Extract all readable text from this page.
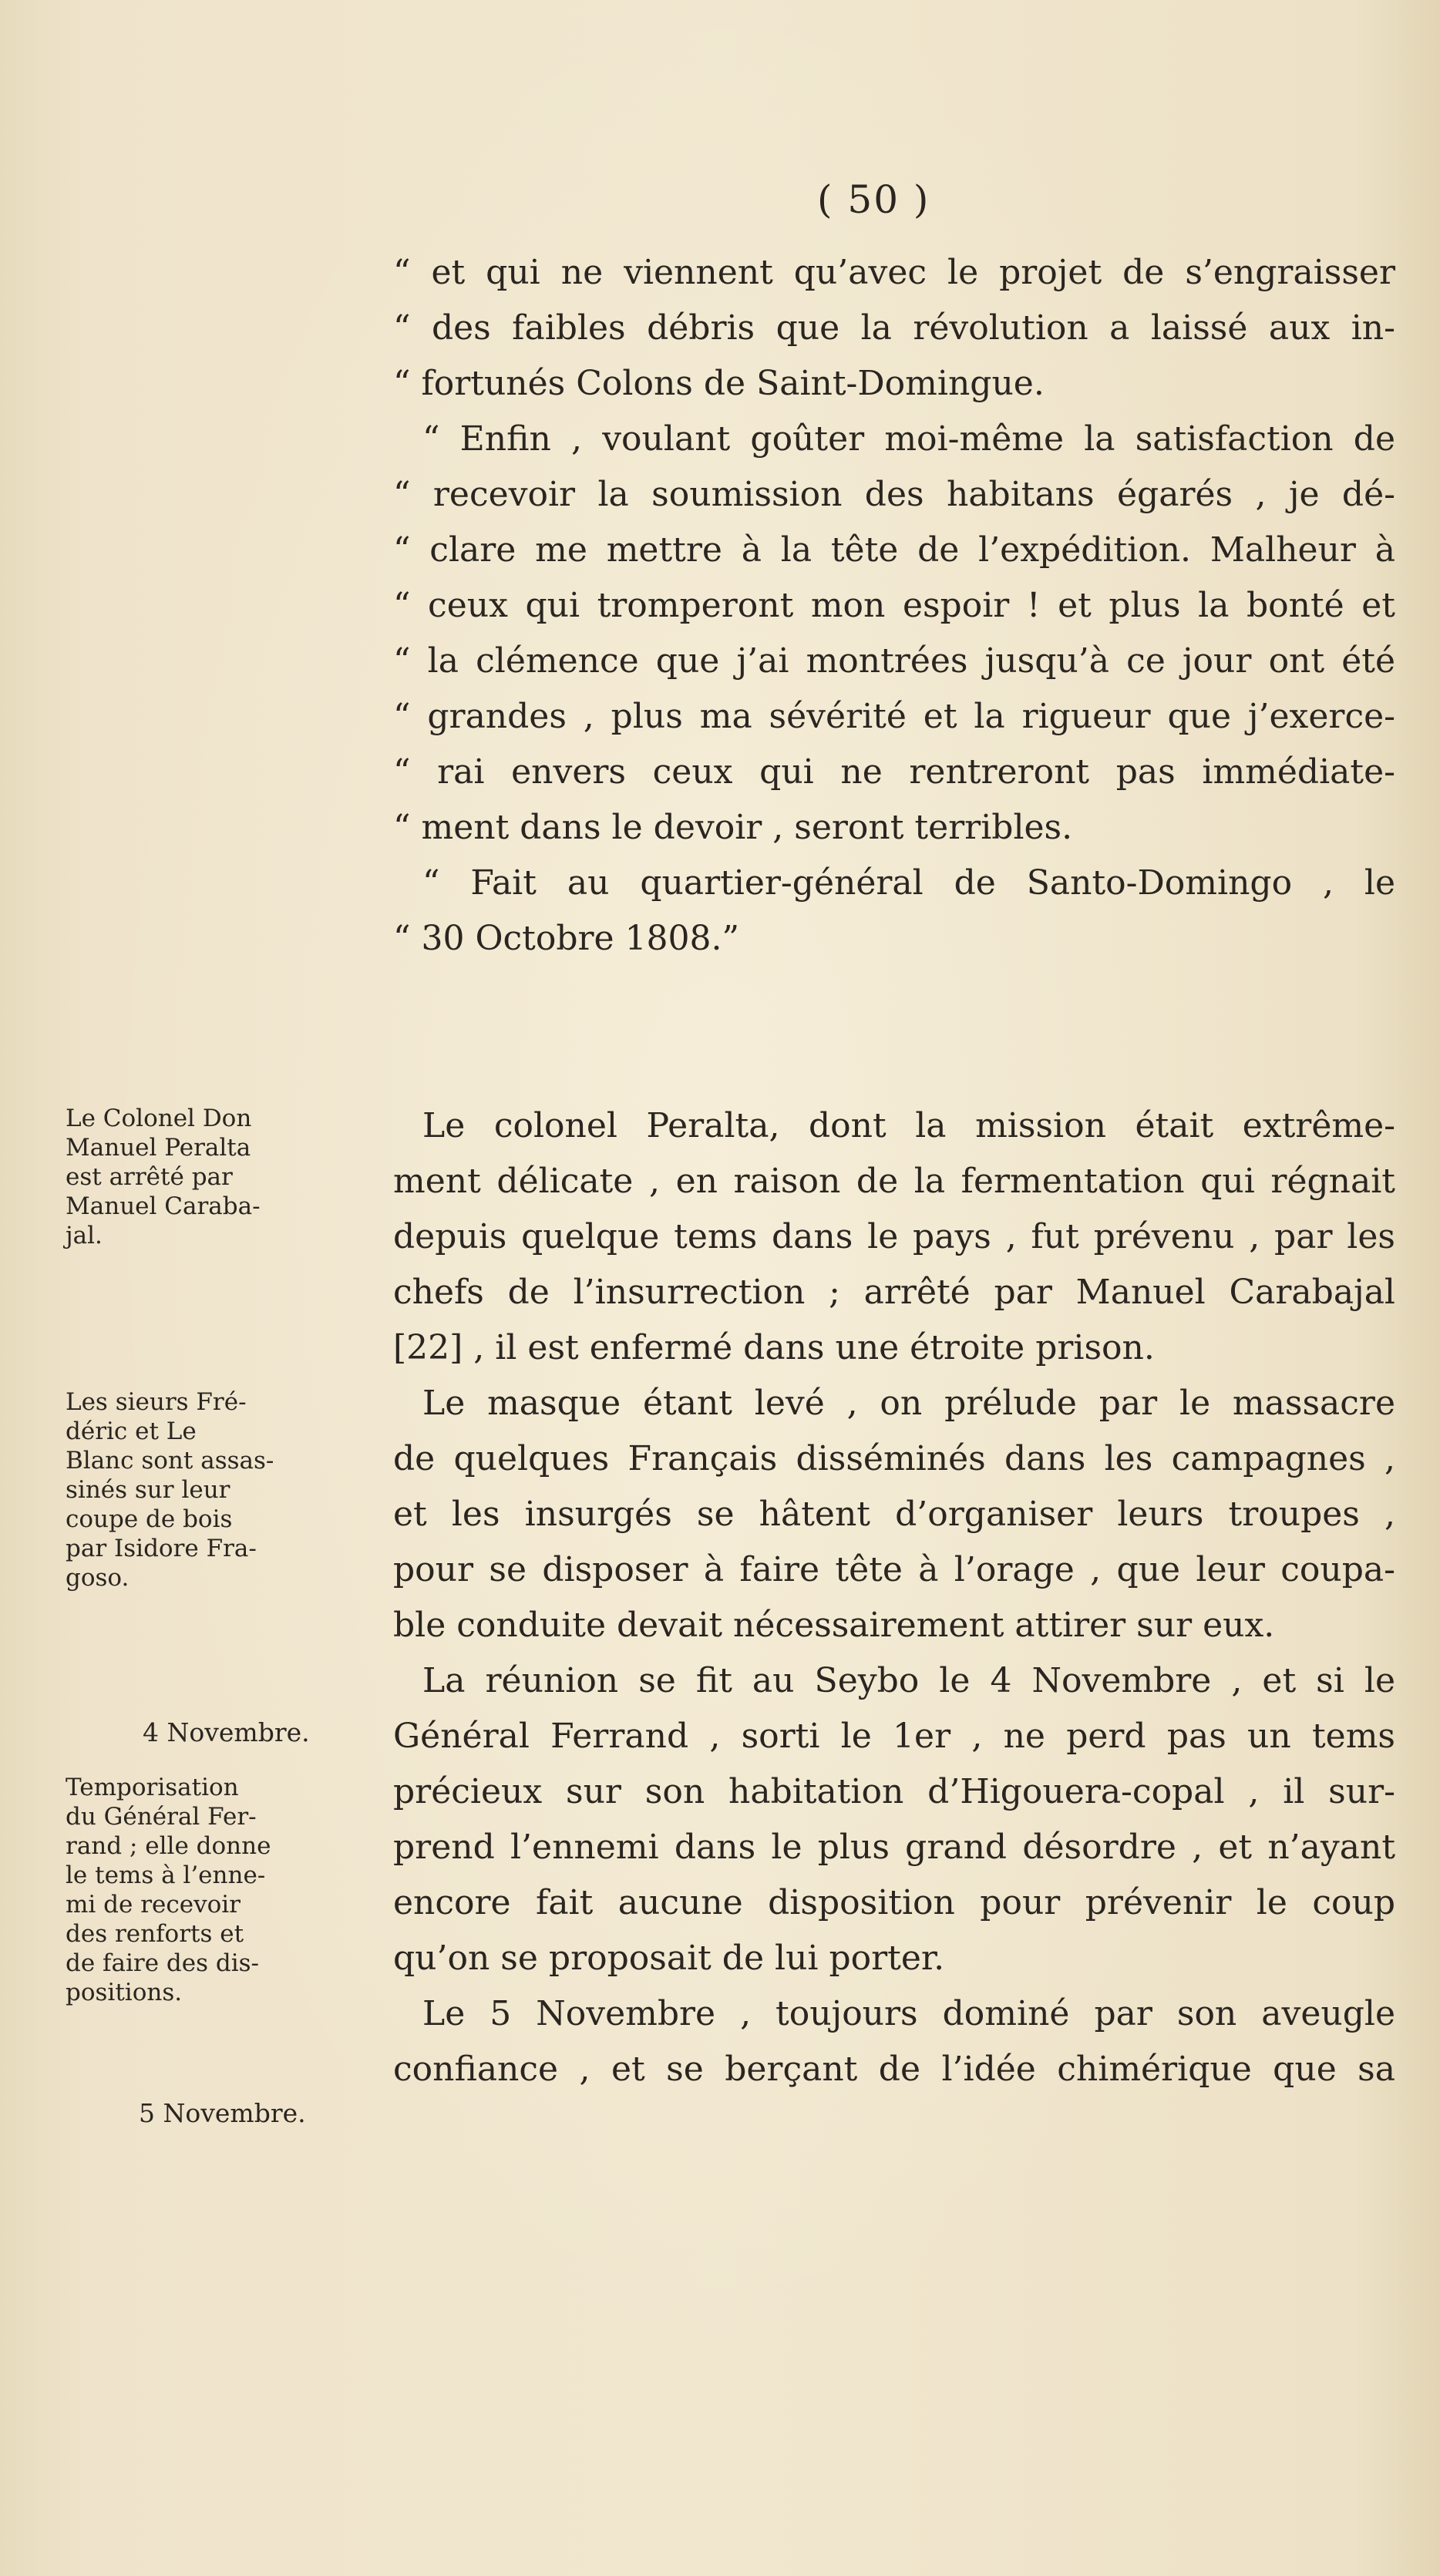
( 50 )
“ et qui ne viennent qu’avec le projet de s’engraisser
“ des faibles débris que la révolution a laissé aux in-
“ fortunés Colons de Saint-Domingue.
“ Enfin , voulant goûter moi-même la satisfaction de
“ recevoir la soumission des habitans égarés , je dé-
“ clare me mettre à la tête de l’expédition. Malheur à
“ ceux qui tromperont mon espoir ! et plus la bonté et
“ la clémence que j’ai montrées jusqu’à ce jour ont été
“ grandes , plus ma sévérité et la rigueur que j’exerce-
“ rai envers ceux qui ne rentreront pas immédiate-
“ ment dans le devoir , seront terribles.
“ Fait au quartier-général de Santo-Domingo , le
“ 30 Octobre 1808.”
Le colonel Peralta, dont la mission était extrême-
ment délicate , en raison de la fermentation qui régnait
depuis quelque tems dans le pays , fut prévenu , par les
chefs de l’insurrection ; arrêté par Manuel Carabajal
[22] , il est enfermé dans une étroite prison.
Le masque étant levé , on prélude par le massacre
de quelques Français disséminés dans les campagnes ,
et les insurgés se hâtent d’organiser leurs troupes ,
pour se disposer à faire tête à l’orage , que leur coupa-
ble conduite devait nécessairement attirer sur eux.
La réunion se fit au Seybo le 4 Novembre , et si le
Général Ferrand , sorti le 1er , ne perd pas un tems
précieux sur son habitation d’Higouera-copal , il sur-
prend l’ennemi dans le plus grand désordre , et n’ayant
encore fait aucune disposition pour prévenir le coup
qu’on se proposait de lui porter.
Le 5 Novembre , toujours dominé par son aveugle
confiance , et se berçant de l’idée chimérique que sa
Le Colonel Don
Manuel Peralta
est arrêté par
Manuel Caraba-
jal.
Les sieurs Fré-
déric et Le
Blanc sont assas-
sinés sur leur
coupe de bois
par Isidore Fra-
goso.
4 Novembre.
Temporisation
du Général Fer-
rand ; elle donne
le tems à l’enne-
mi de recevoir
des renforts et
de faire des dis-
positions.
5 Novembre.
